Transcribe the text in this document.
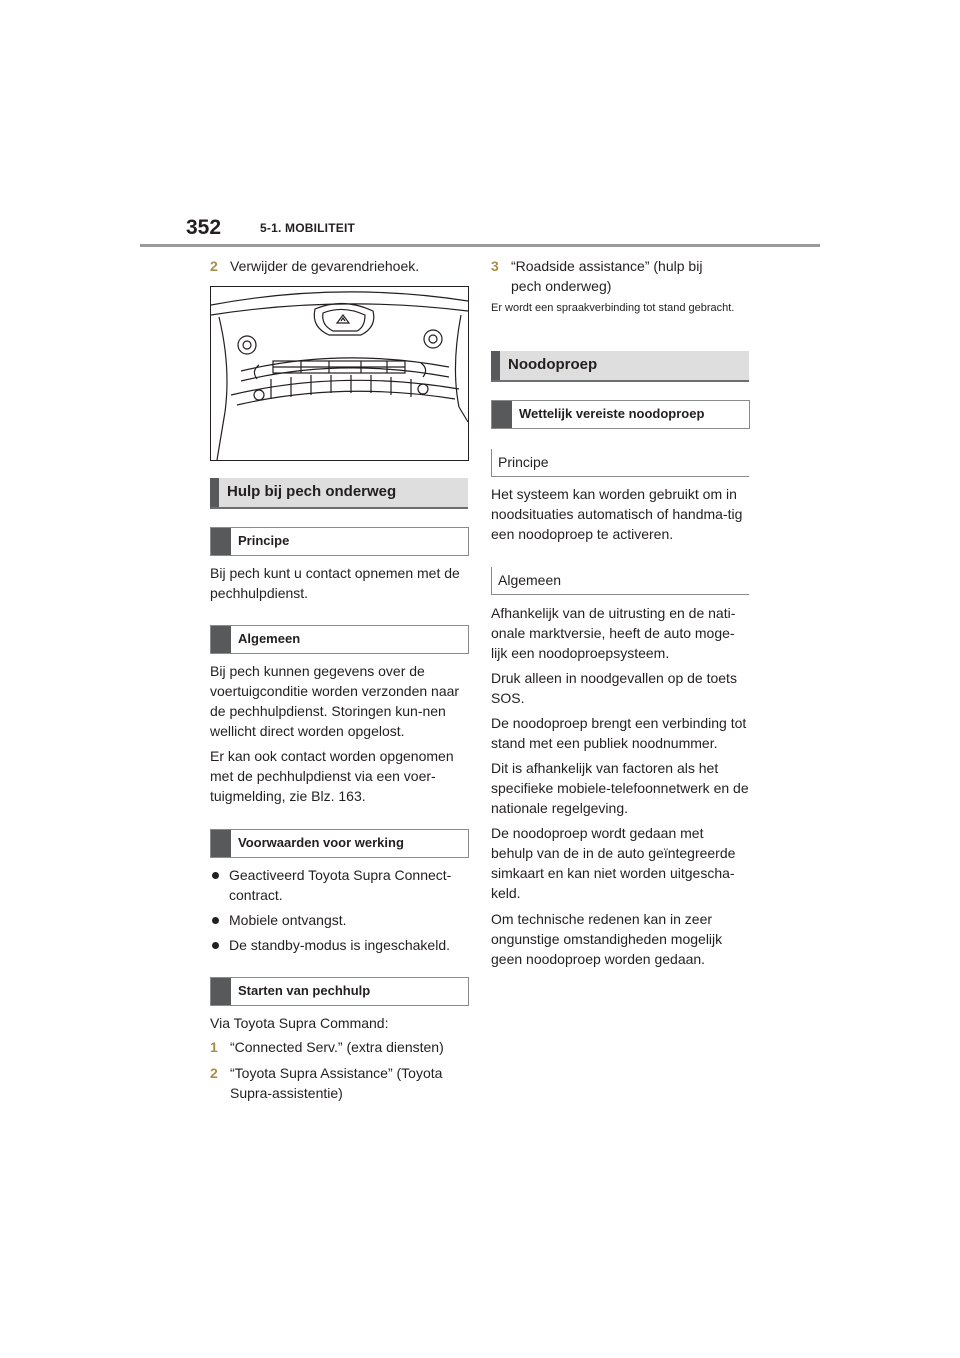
352	5-1. MOBILITEIT
2 Verwijder de gevarendriehoek.
Hulp bij pech onderweg
Principe

Bij pech kunt u contact opnemen met de pechhulpdienst.

Algemeen

Bij pech kunnen gegevens over de voertuigconditie worden verzonden naar de pechhulpdienst. Storingen kun-nen wellicht direct worden opgelost.

Er kan ook contact worden opgenomen met de pechhulpdienst via een voer-tuigmelding, zie Blz. 163.

Voorwaarden voor werking
Geactiveerd Toyota Supra Connect-contract.
Mobiele ontvangst.
De standby-modus is ingeschakeld.
Starten van pechhulp

Via Toyota Supra Command:

1 “Connected Serv.” (extra diensten)
2 “Toyota Supra Assistance” (Toyota Supra-assistentie)
3 “Roadside assistance” (hulp bij pech onderweg)

Er wordt een spraakverbinding tot stand gebracht.

Noodoproep
Wettelijk vereiste noodoproep
Principe

Het systeem kan worden gebruikt om in noodsituaties automatisch of handma-tig een noodoproep te activeren.

Algemeen

Afhankelijk van de uitrusting en de nati-onale marktversie, heeft de auto moge-lijk een noodoproepsysteem.

Druk alleen in noodgevallen op de toets SOS.

De noodoproep brengt een verbinding tot stand met een publiek noodnummer.

Dit is afhankelijk van factoren als het specifieke mobiele-telefoonnetwerk en de nationale regelgeving.

De noodoproep wordt gedaan met behulp van de in de auto geïntegreerde simkaart en kan niet worden uitgescha-keld.

Om technische redenen kan in zeer ongunstige omstandigheden mogelijk geen noodoproep worden gedaan.
